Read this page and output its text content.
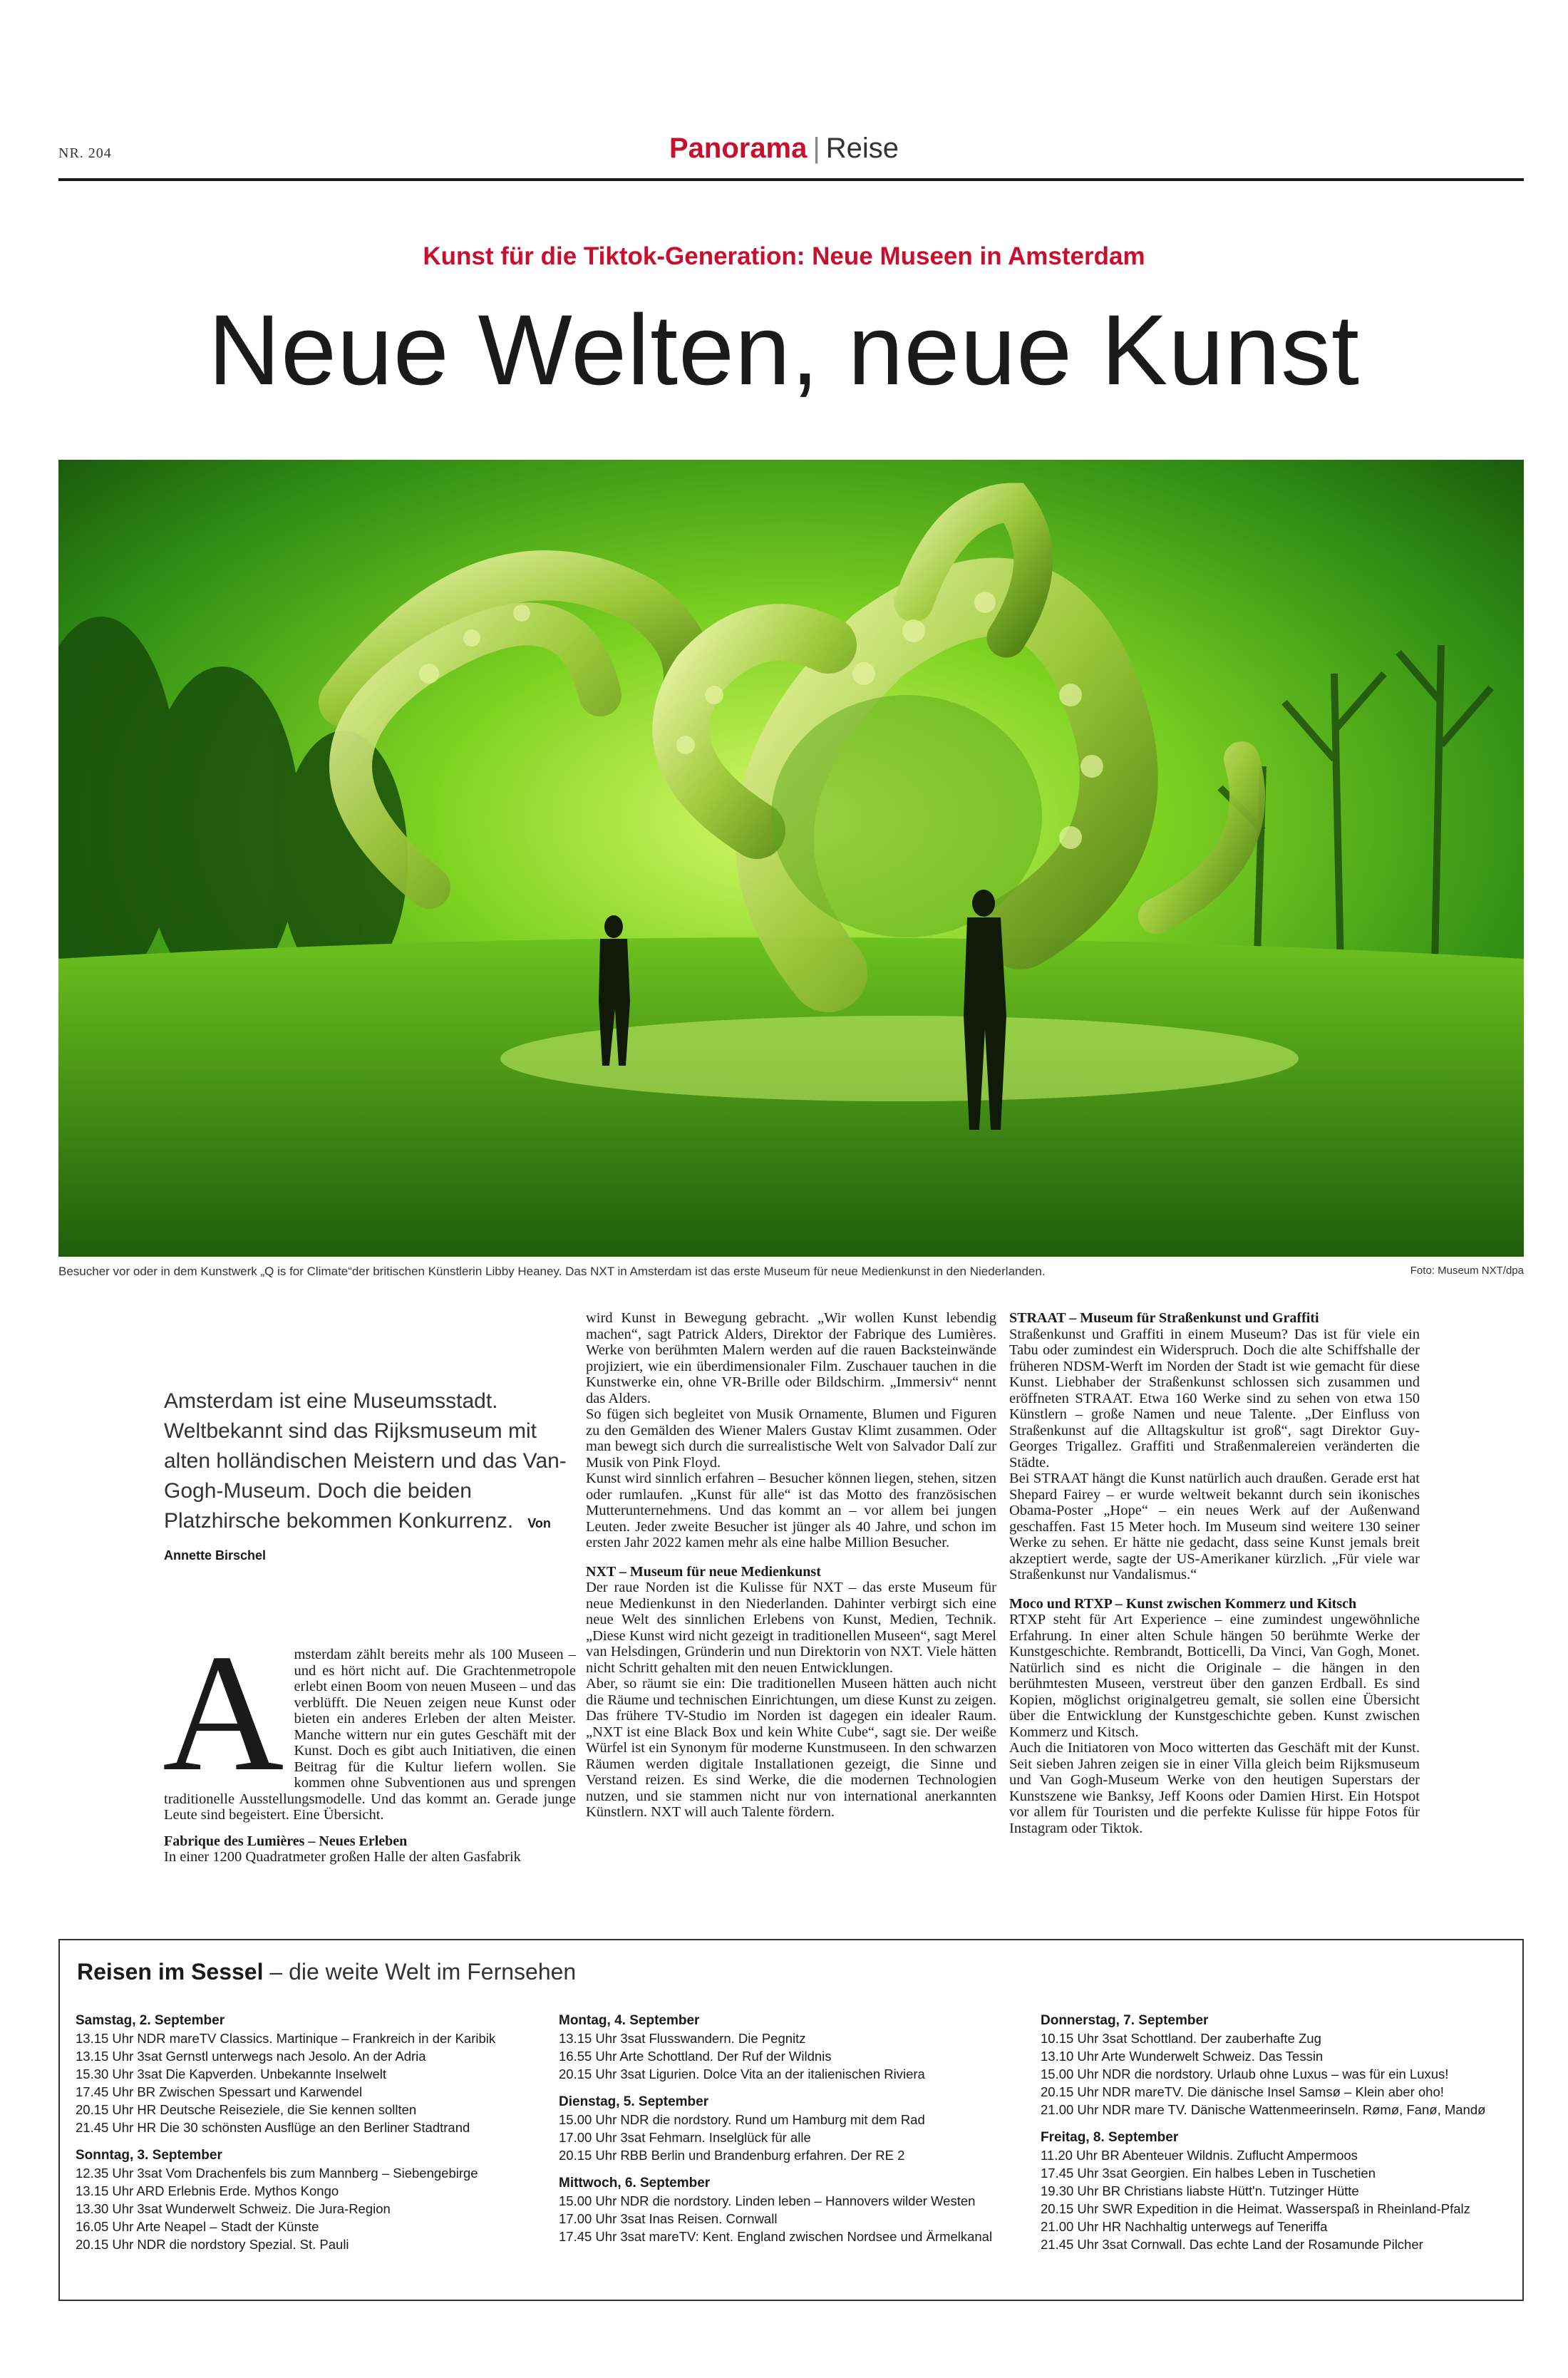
NR. 204	Panorama | Reise
Kunst für die Tiktok-Generation: Neue Museen in Amsterdam
Neue Welten, neue Kunst
Besucher vor oder in dem Kunstwerk „Q is for Climate“der britischen Künstlerin Libby Heaney. Das NXT in Amsterdam ist das erste Museum für neue Medienkunst in den Niederlanden.	Foto: Museum NXT/dpa
Amsterdam ist eine Museumsstadt. Weltbekannt sind das Rijksmuseum mit alten holländischen Meistern und das Van-Gogh-Museum. Doch die beiden Platzhirsche bekommen Konkurrenz. Von Annette Birschel
A msterdam zählt bereits mehr als 100 Museen – und es hört nicht auf. Die Grachtenmetropole erlebt einen Boom von neuen Museen – und das verblüfft. Die Neuen zeigen neue Kunst oder bieten ein anderes Erleben der alten Meister. Manche wittern nur ein gutes Geschäft mit der Kunst. Doch es gibt auch Initiativen, die einen Beitrag für die Kultur liefern wollen. Sie kommen ohne Subventionen aus und sprengen traditionelle Ausstellungsmodelle. Und das kommt an. Gerade junge Leute sind begeistert. Eine Übersicht.

Fabrique des Lumières – Neues Erleben

In einer 1200 Quadratmeter großen Halle der alten Gasfabrik

wird Kunst in Bewegung gebracht. „Wir wollen Kunst lebendig machen“, sagt Patrick Alders, Direktor der Fabrique des Lumières. Werke von berühmten Malern werden auf die rauen Backsteinwände projiziert, wie ein überdimensionaler Film. Zuschauer tauchen in die Kunstwerke ein, ohne VR-Brille oder Bildschirm. „Immersiv“ nennt das Alders.

So fügen sich begleitet von Musik Ornamente, Blumen und Figuren zu den Gemälden des Wiener Malers Gustav Klimt zusammen. Oder man bewegt sich durch die surrealistische Welt von Salvador Dalí zur Musik von Pink Floyd.

Kunst wird sinnlich erfahren – Besucher können liegen, stehen, sitzen oder rumlaufen. „Kunst für alle“ ist das Motto des französischen Mutterunternehmens. Und das kommt an – vor allem bei jungen Leuten. Jeder zweite Besucher ist jünger als 40 Jahre, und schon im ersten Jahr 2022 kamen mehr als eine halbe Million Besucher.

NXT – Museum für neue Medienkunst

Der raue Norden ist die Kulisse für NXT – das erste Museum für neue Medienkunst in den Niederlanden. Dahinter verbirgt sich eine neue Welt des sinnlichen Erlebens von Kunst, Medien, Technik. „Diese Kunst wird nicht gezeigt in traditionellen Museen“, sagt Merel van Helsdingen, Gründerin und nun Direktorin von NXT. Viele hätten nicht Schritt gehalten mit den neuen Entwicklungen.

Aber, so räumt sie ein: Die traditionellen Museen hätten auch nicht die Räume und technischen Einrichtungen, um diese Kunst zu zeigen. Das frühere TV-Studio im Norden ist dagegen ein idealer Raum. „NXT ist eine Black Box und kein White Cube“, sagt sie. Der weiße Würfel ist ein Synonym für moderne Kunstmuseen. In den schwarzen Räumen werden digitale Installationen gezeigt, die Sinne und Verstand reizen. Es sind Werke, die die modernen Technologien nutzen, und sie stammen nicht nur von international anerkannten Künstlern. NXT will auch Talente fördern.

STRAAT – Museum für Straßenkunst und Graffiti

Straßenkunst und Graffiti in einem Museum? Das ist für viele ein Tabu oder zumindest ein Widerspruch. Doch die alte Schiffshalle der früheren NDSM-Werft im Norden der Stadt ist wie gemacht für diese Kunst. Liebhaber der Straßenkunst schlossen sich zusammen und eröffneten STRAAT. Etwa 160 Werke sind zu sehen von etwa 150 Künstlern – große Namen und neue Talente. „Der Einfluss von Straßenkunst auf die Alltagskultur ist groß“, sagt Direktor Guy-Georges Trigallez. Graffiti und Straßenmalereien veränderten die Städte.

Bei STRAAT hängt die Kunst natürlich auch draußen. Gerade erst hat Shepard Fairey – er wurde weltweit bekannt durch sein ikonisches Obama-Poster „Hope“ – ein neues Werk auf der Außenwand geschaffen. Fast 15 Meter hoch. Im Museum sind weitere 130 seiner Werke zu sehen. Er hätte nie gedacht, dass seine Kunst jemals breit akzeptiert werde, sagte der US-Amerikaner kürzlich. „Für viele war Straßenkunst nur Vandalismus.“

Moco und RTXP – Kunst zwischen Kommerz und Kitsch

RTXP steht für Art Experience – eine zumindest ungewöhnliche Erfahrung. In einer alten Schule hängen 50 berühmte Werke der Kunstgeschichte. Rembrandt, Botticelli, Da Vinci, Van Gogh, Monet. Natürlich sind es nicht die Originale – die hängen in den berühmtesten Museen, verstreut über den ganzen Erdball. Es sind Kopien, möglichst originalgetreu gemalt, sie sollen eine Übersicht über die Entwicklung der Kunstgeschichte geben. Kunst zwischen Kommerz und Kitsch.

Auch die Initiatoren von Moco witterten das Geschäft mit der Kunst. Seit sieben Jahren zeigen sie in einer Villa gleich beim Rijksmuseum und Van Gogh-Museum Werke von den heutigen Superstars der Kunstszene wie Banksy, Jeff Koons oder Damien Hirst. Ein Hotspot vor allem für Touristen und die perfekte Kulisse für hippe Fotos für Instagram oder Tiktok.

Reisen im Sessel – die weite Welt im Fernsehen
Samstag, 2. September
13.15 Uhr NDR mareTV Classics. Martinique – Frankreich in der Karibik
13.15 Uhr 3sat Gernstl unterwegs nach Jesolo. An der Adria
15.30 Uhr 3sat Die Kapverden. Unbekannte Inselwelt
17.45 Uhr BR Zwischen Spessart und Karwendel
20.15 Uhr HR Deutsche Reiseziele, die Sie kennen sollten
21.45 Uhr HR Die 30 schönsten Ausflüge an den Berliner Stadtrand
Sonntag, 3. September
12.35 Uhr 3sat Vom Drachenfels bis zum Mannberg – Siebengebirge
13.15 Uhr ARD Erlebnis Erde. Mythos Kongo
13.30 Uhr 3sat Wunderwelt Schweiz. Die Jura-Region
16.05 Uhr Arte Neapel – Stadt der Künste
20.15 Uhr NDR die nordstory Spezial. St. Pauli
Montag, 4. September
13.15 Uhr 3sat Flusswandern. Die Pegnitz
16.55 Uhr Arte Schottland. Der Ruf der Wildnis
20.15 Uhr 3sat Ligurien. Dolce Vita an der italienischen Riviera
Dienstag, 5. September
15.00 Uhr NDR die nordstory. Rund um Hamburg mit dem Rad
17.00 Uhr 3sat Fehmarn. Inselglück für alle
20.15 Uhr RBB Berlin und Brandenburg erfahren. Der RE 2
Mittwoch, 6. September
15.00 Uhr NDR die nordstory. Linden leben – Hannovers wilder Westen
17.00 Uhr 3sat Inas Reisen. Cornwall
17.45 Uhr 3sat mareTV: Kent. England zwischen Nordsee und Ärmelkanal
Donnerstag, 7. September
10.15 Uhr 3sat Schottland. Der zauberhafte Zug
13.10 Uhr Arte Wunderwelt Schweiz. Das Tessin
15.00 Uhr NDR die nordstory. Urlaub ohne Luxus – was für ein Luxus!
20.15 Uhr NDR mareTV. Die dänische Insel Samsø – Klein aber oho!
21.00 Uhr NDR mare TV. Dänische Wattenmeerinseln. Rømø, Fanø, Mandø
Freitag, 8. September
11.20 Uhr BR Abenteuer Wildnis. Zuflucht Ampermoos
17.45 Uhr 3sat Georgien. Ein halbes Leben in Tuschetien
19.30 Uhr BR Christians liabste Hütt'n. Tutzinger Hütte
20.15 Uhr SWR Expedition in die Heimat. Wasserspaß in Rheinland-Pfalz
21.00 Uhr HR Nachhaltig unterwegs auf Teneriffa
21.45 Uhr 3sat Cornwall. Das echte Land der Rosamunde Pilcher
